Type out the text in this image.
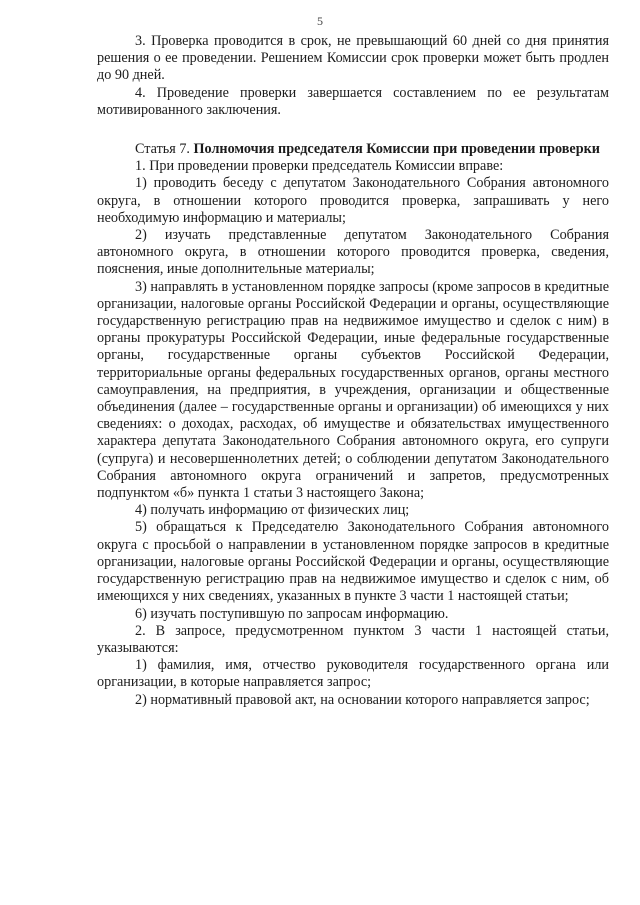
5

3. Проверка проводится в срок, не превышающий 60 дней со дня принятия решения о ее проведении. Решением Комиссии срок проверки может быть продлен до 90 дней.

4. Проведение проверки завершается составлением по ее результатам мотивированного заключения.

Статья 7. Полномочия председателя Комиссии при проведении проверки

1. При проведении проверки председатель Комиссии вправе:

1) проводить беседу с депутатом Законодательного Собрания автономного округа, в отношении которого проводится проверка, запрашивать у него необходимую информацию и материалы;

2) изучать представленные депутатом Законодательного Собрания автономного округа, в отношении которого проводится проверка, сведения, пояснения, иные дополнительные материалы;

3) направлять в установленном порядке запросы (кроме запросов в кредитные организации, налоговые органы Российской Федерации и органы, осуществляющие государственную регистрацию прав на недвижимое имущество и сделок с ним) в органы прокуратуры Российской Федерации, иные федеральные государственные органы, государственные органы субъектов Российской Федерации, территориальные органы федеральных государственных органов, органы местного самоуправления, на предприятия, в учреждения, организации и общественные объединения (далее – государственные органы и организации) об имеющихся у них сведениях: о доходах, расходах, об имуществе и обязательствах имущественного характера депутата Законодательного Собрания автономного округа, его супруги (супруга) и несовершеннолетних детей; о соблюдении депутатом Законодательного Собрания автономного округа ограничений и запретов, предусмотренных подпунктом «б» пункта 1 статьи 3 настоящего Закона;

4) получать информацию от физических лиц;

5) обращаться к Председателю Законодательного Собрания автономного округа с просьбой о направлении в установленном порядке запросов в кредитные организации, налоговые органы Российской Федерации и органы, осуществляющие государственную регистрацию прав на недвижимое имущество и сделок с ним, об имеющихся у них сведениях, указанных в пункте 3 части 1 настоящей статьи;

6) изучать поступившую по запросам информацию.

2. В запросе, предусмотренном пунктом 3 части 1 настоящей статьи, указываются:

1) фамилия, имя, отчество руководителя государственного органа или организации, в которые направляется запрос;

2) нормативный правовой акт, на основании которого направляется запрос;
